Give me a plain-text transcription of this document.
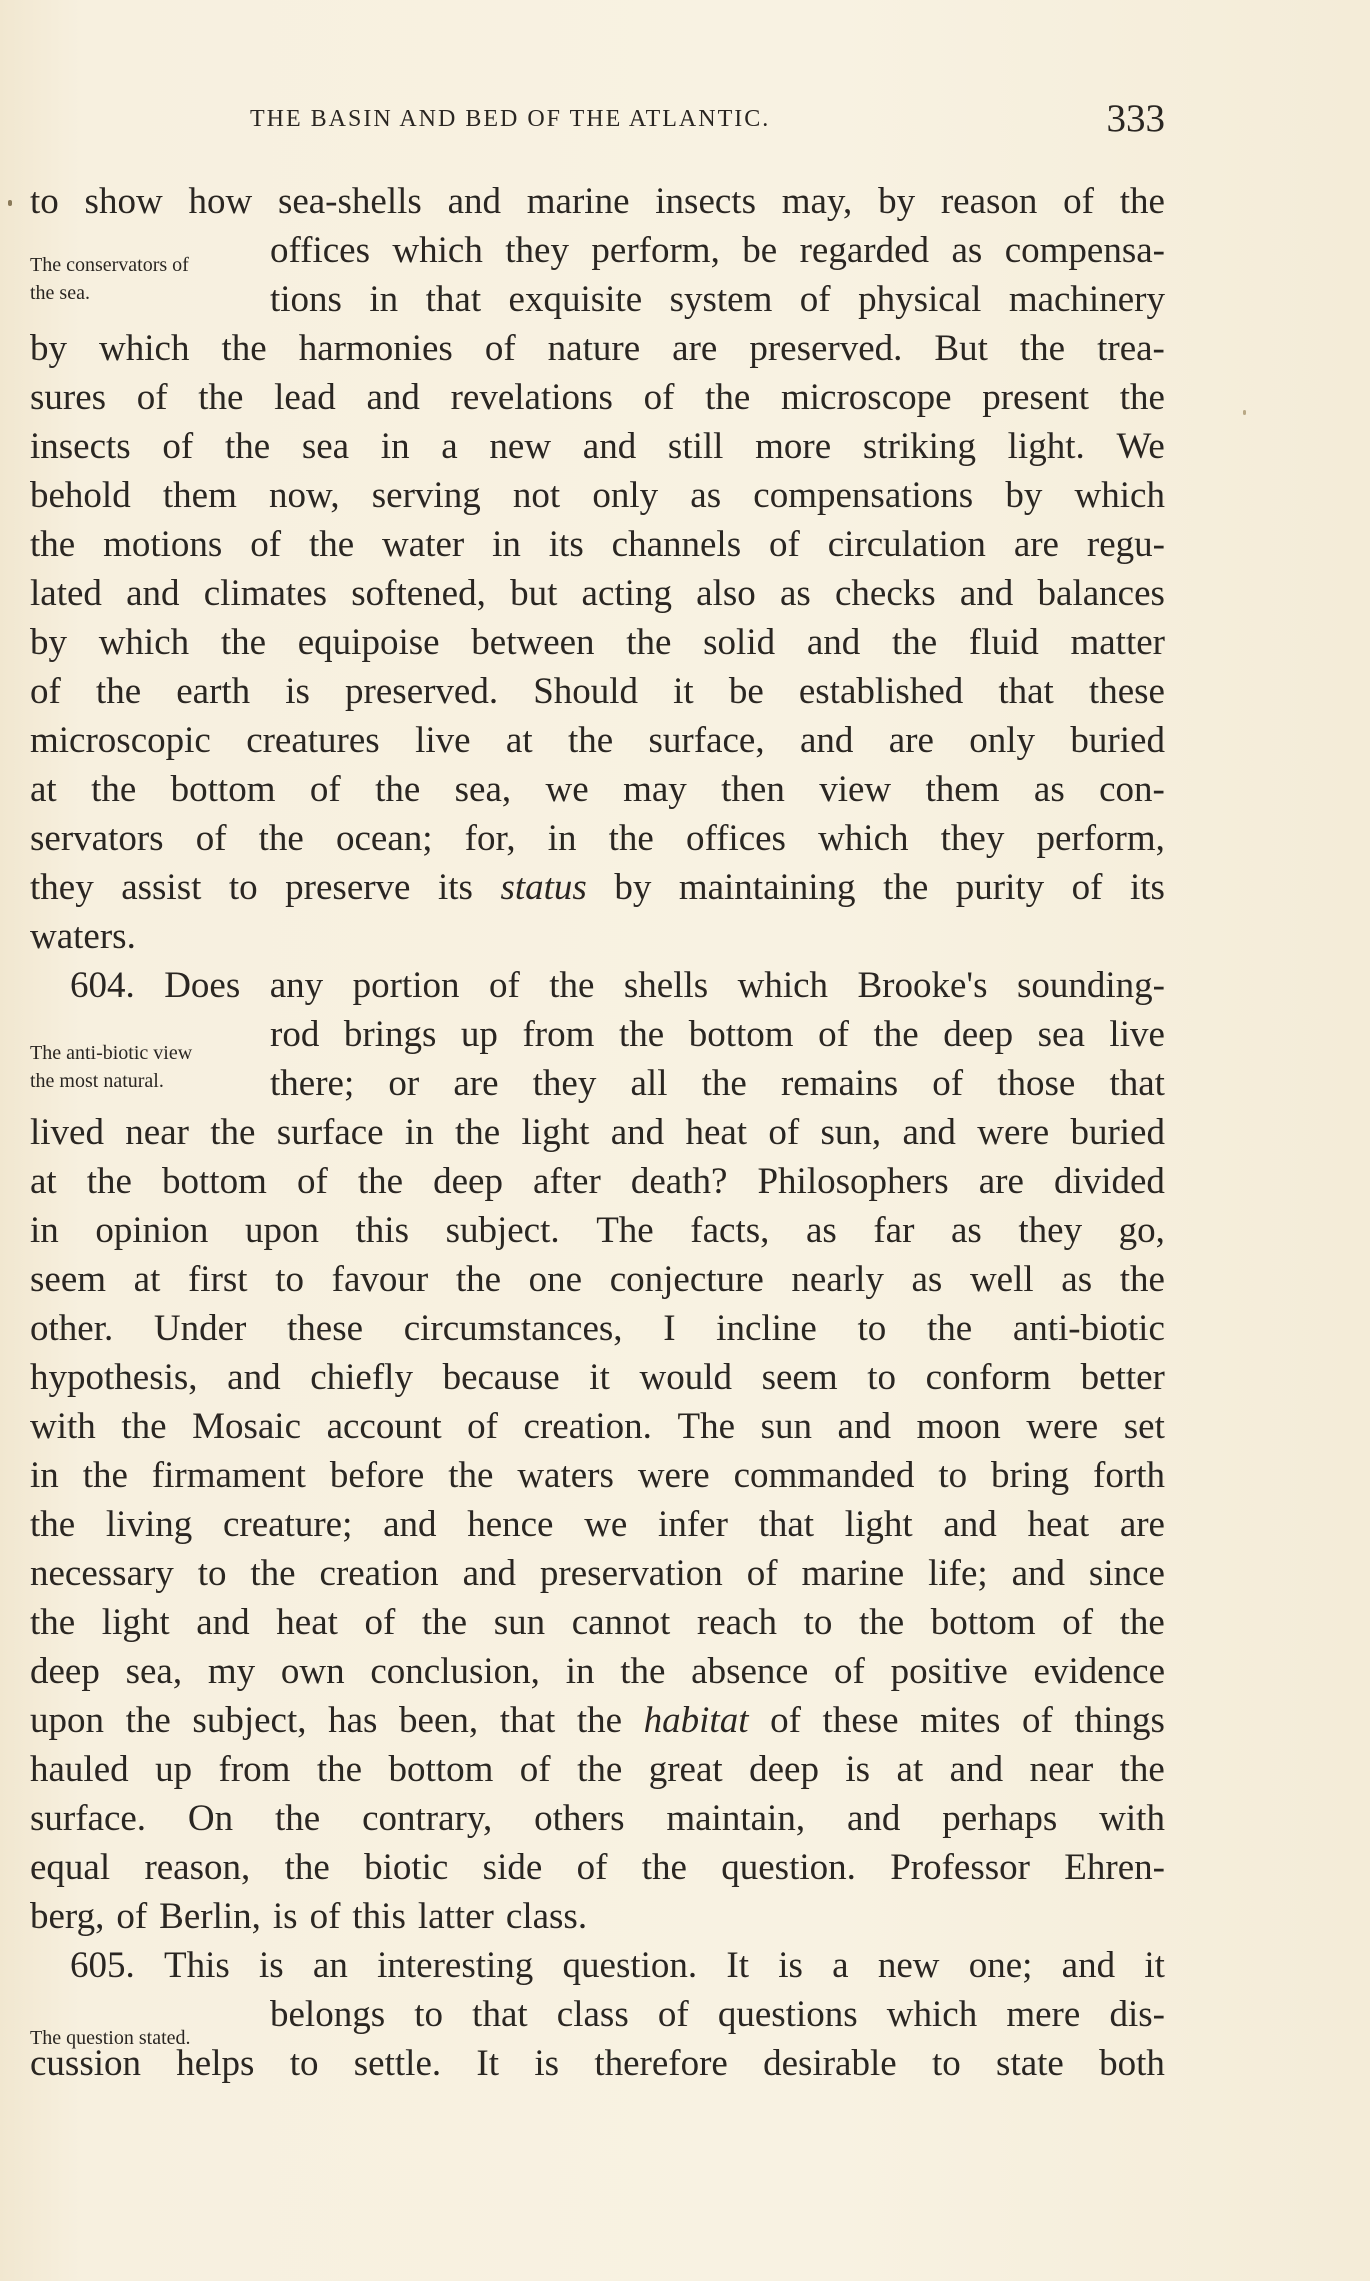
THE BASIN AND BED OF THE ATLANTIC.	333
The conservators of
the sea.
The anti-biotic view
the most natural.
The question stated.
to show how sea-shells and marine insects may, by reason of the
offices which they perform, be regarded as compensa-
tions in that exquisite system of physical machinery
by which the harmonies of nature are preserved. But the trea-
sures of the lead and revelations of the microscope present the
insects of the sea in a new and still more striking light. We
behold them now, serving not only as compensations by which
the motions of the water in its channels of circulation are regu-
lated and climates softened, but acting also as checks and balances
by which the equipoise between the solid and the fluid matter
of the earth is preserved. Should it be established that these
microscopic creatures live at the surface, and are only buried
at the bottom of the sea, we may then view them as con-
servators of the ocean; for, in the offices which they perform,
they assist to preserve its status by maintaining the purity of its
waters.
604. Does any portion of the shells which Brooke's sounding-
rod brings up from the bottom of the deep sea live
there; or are they all the remains of those that
lived near the surface in the light and heat of sun, and were buried
at the bottom of the deep after death? Philosophers are divided
in opinion upon this subject. The facts, as far as they go,
seem at first to favour the one conjecture nearly as well as the
other. Under these circumstances, I incline to the anti-biotic
hypothesis, and chiefly because it would seem to conform better
with the Mosaic account of creation. The sun and moon were set
in the firmament before the waters were commanded to bring forth
the living creature; and hence we infer that light and heat are
necessary to the creation and preservation of marine life; and since
the light and heat of the sun cannot reach to the bottom of the
deep sea, my own conclusion, in the absence of positive evidence
upon the subject, has been, that the habitat of these mites of things
hauled up from the bottom of the great deep is at and near the
surface. On the contrary, others maintain, and perhaps with
equal reason, the biotic side of the question. Professor Ehren-
berg, of Berlin, is of this latter class.
605. This is an interesting question. It is a new one; and it
belongs to that class of questions which mere dis-
cussion helps to settle. It is therefore desirable to state both
